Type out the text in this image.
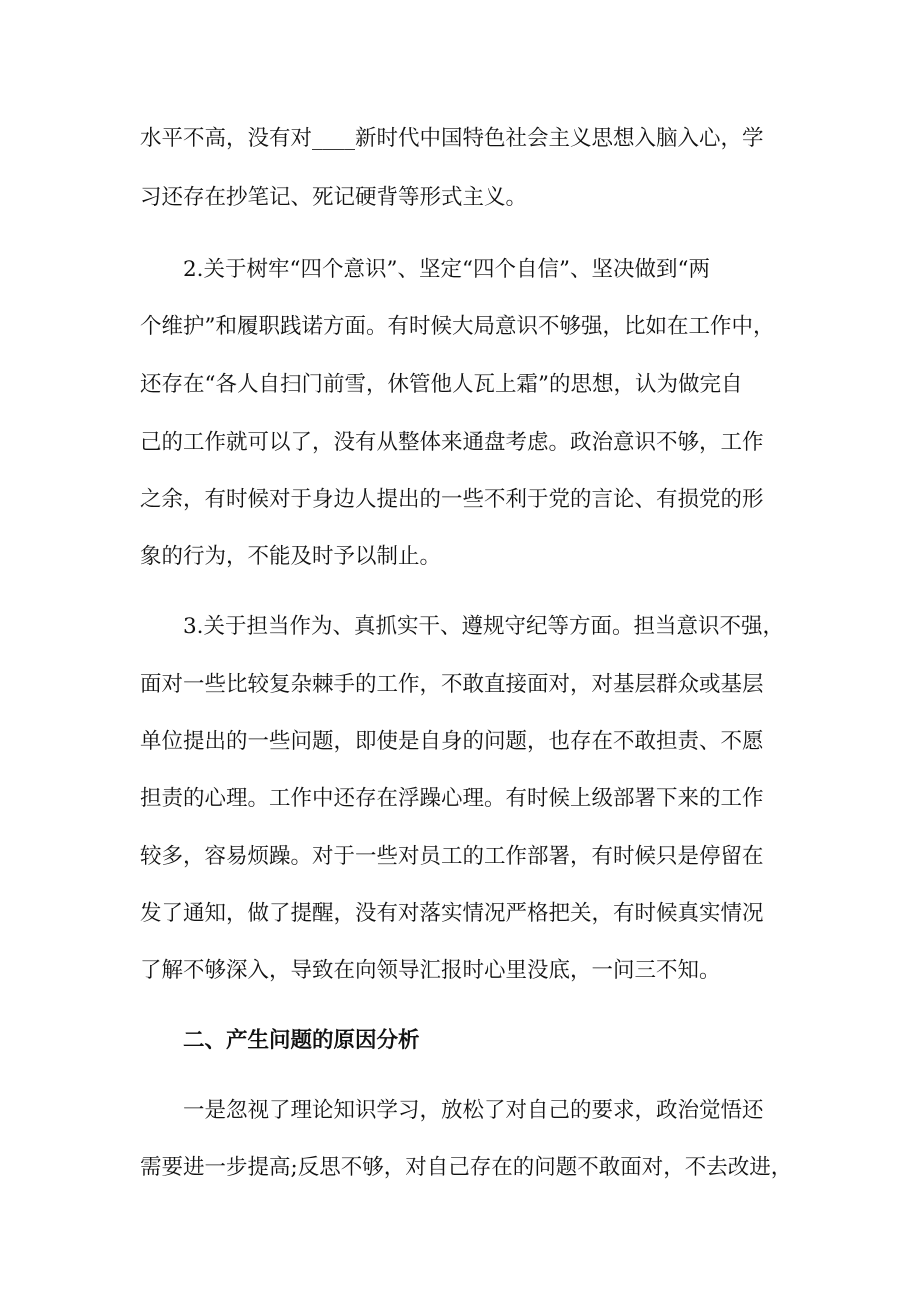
水平不高，没有对____新时代中国特色社会主义思想入脑入心，学
习还存在抄笔记、死记硬背等形式主义。
2.关于树牢“四个意识”、坚定“四个自信”、坚决做到“两
个维护”和履职践诺方面。有时候大局意识不够强，比如在工作中，
还存在“各人自扫门前雪，休管他人瓦上霜”的思想，认为做完自
己的工作就可以了，没有从整体来通盘考虑。政治意识不够，工作
之余，有时候对于身边人提出的一些不利于党的言论、有损党的形
象的行为，不能及时予以制止。
3.关于担当作为、真抓实干、遵规守纪等方面。担当意识不强，
面对一些比较复杂棘手的工作，不敢直接面对，对基层群众或基层
单位提出的一些问题，即使是自身的问题，也存在不敢担责、不愿
担责的心理。工作中还存在浮躁心理。有时候上级部署下来的工作
较多，容易烦躁。对于一些对员工的工作部署，有时候只是停留在
发了通知，做了提醒，没有对落实情况严格把关，有时候真实情况
了解不够深入，导致在向领导汇报时心里没底，一问三不知。
二、产生问题的原因分析
一是忽视了理论知识学习，放松了对自己的要求，政治觉悟还
需要进一步提高;反思不够，对自己存在的问题不敢面对，不去改进，
